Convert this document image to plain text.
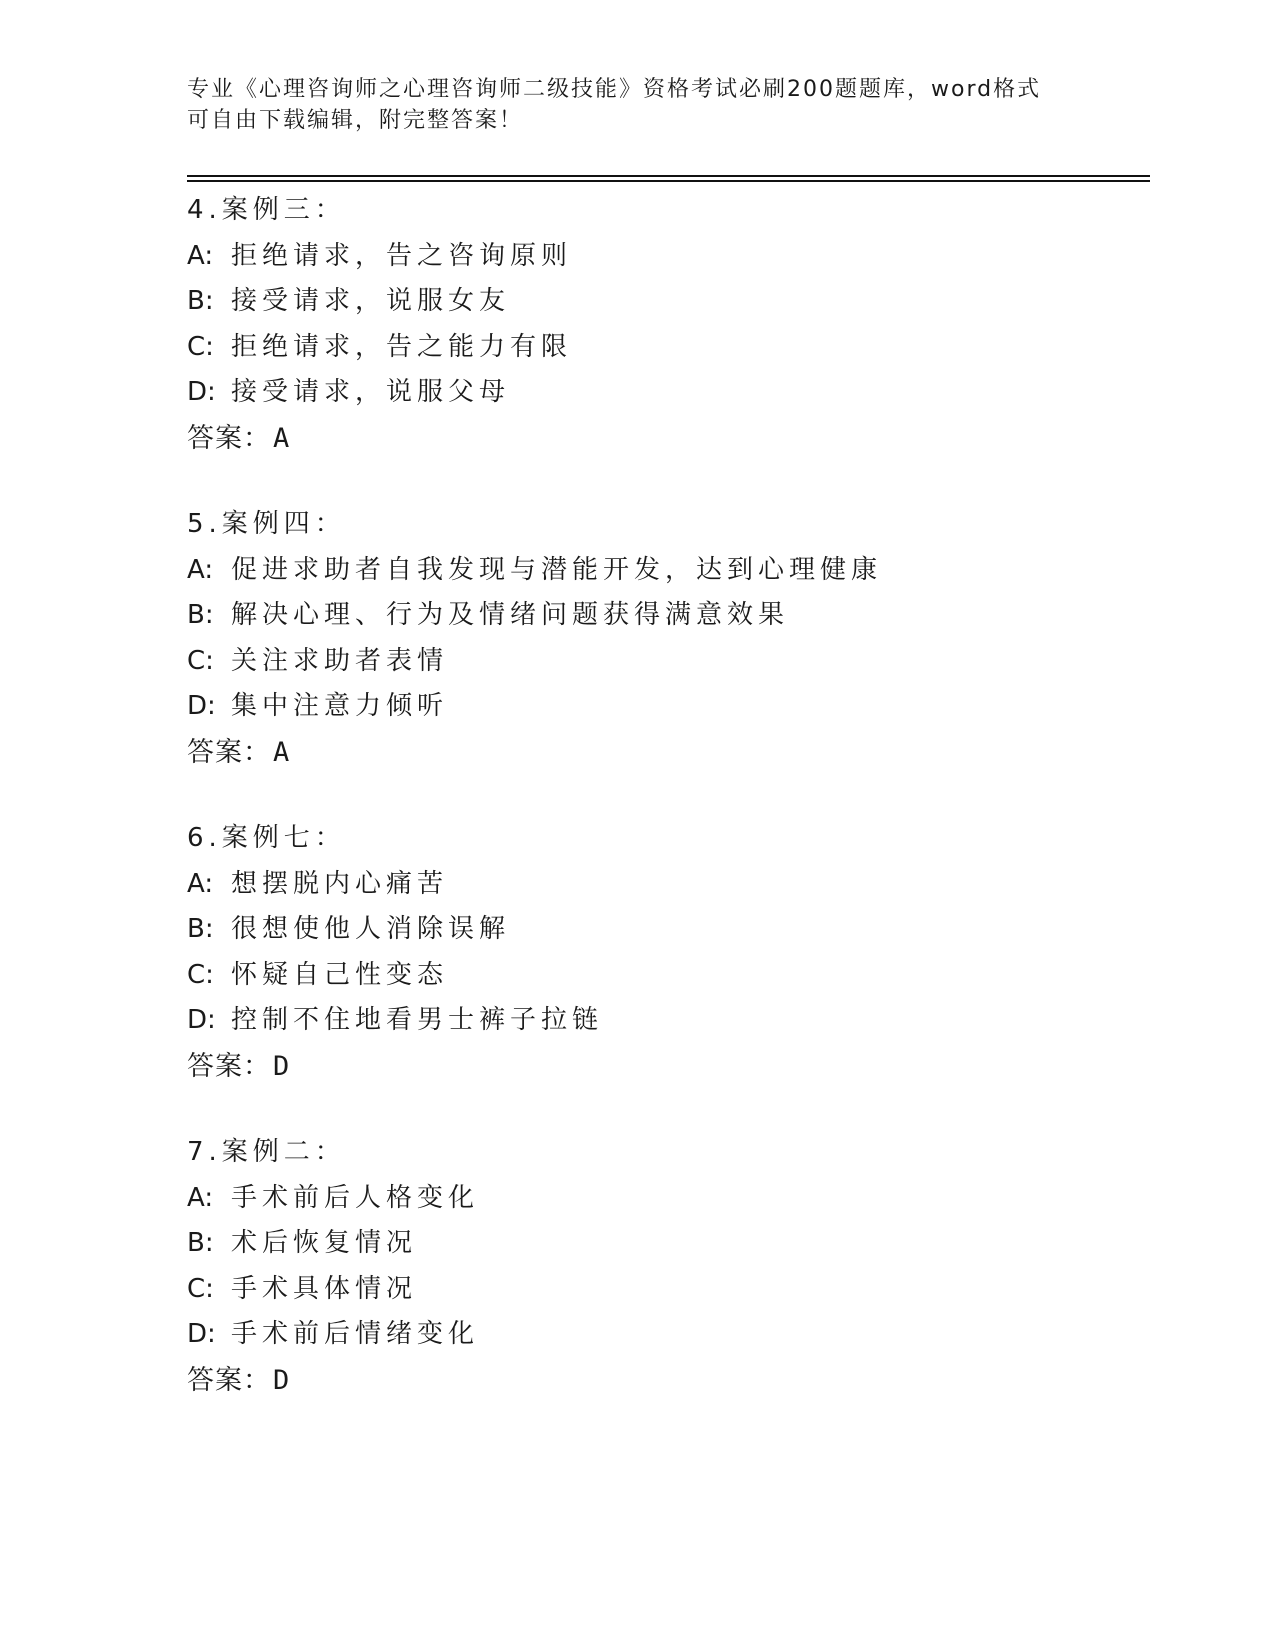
专业《心理咨询师之心理咨询师二级技能》资格考试必刷200题题库，word格式
可自由下载编辑，附完整答案！
4.案例三：
A: 拒绝请求，告之咨询原则
B: 接受请求，说服女友
C: 拒绝请求，告之能力有限
D: 接受请求，说服父母
答案：A
5.案例四：
A: 促进求助者自我发现与潜能开发，达到心理健康
B: 解决心理、行为及情绪问题获得满意效果
C: 关注求助者表情
D: 集中注意力倾听
答案：A
6.案例七：
A: 想摆脱内心痛苦
B: 很想使他人消除误解
C: 怀疑自己性变态
D: 控制不住地看男士裤子拉链
答案：D
7.案例二：
A: 手术前后人格变化
B: 术后恢复情况
C: 手术具体情况
D: 手术前后情绪变化
答案：D
